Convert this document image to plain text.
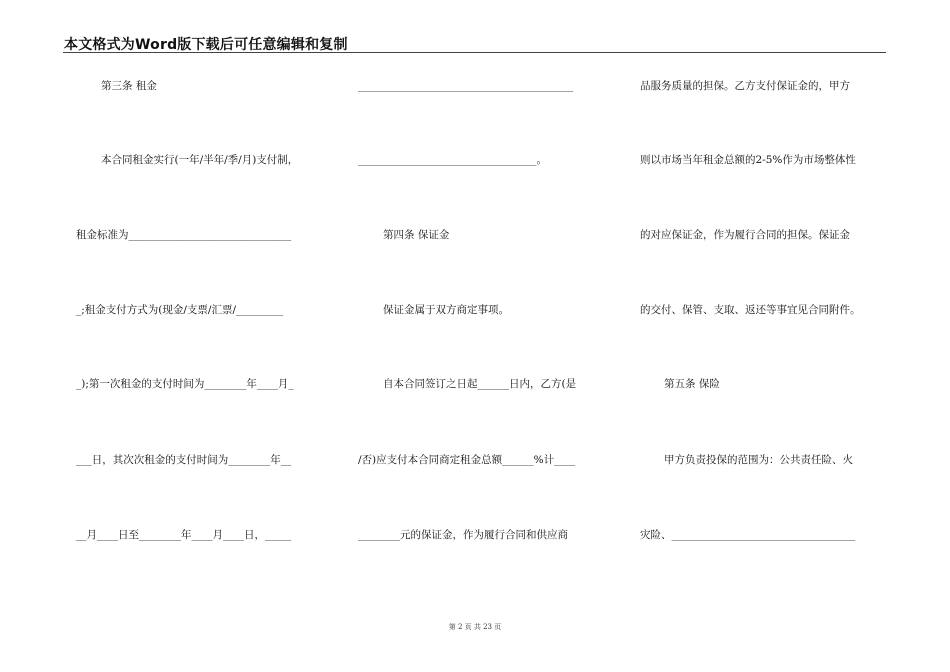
本文格式为Word版下载后可任意编辑和复制
第三条 租金
本合同租金实行(一年/半年/季/月)支付制，
租金标准为_______________________________
_;租金支付方式为(现金/支票/汇票/_________
_);第一次租金的支付时间为________年____月_
___日，其次次租金的支付时间为________年__
__月____日至________年____月____日，_____
_________________________________________
__________________________________。
第四条 保证金
保证金属于双方商定事项。
自本合同签订之日起______日内，乙方(是
/否)应支付本合同商定租金总额______%计____
________元的保证金，作为履行合同和供应商
品服务质量的担保。乙方支付保证金的，甲方
则以市场当年租金总额的2-5%作为市场整体性
的对应保证金，作为履行合同的担保。保证金
的交付、保管、支取、返还等事宜见合同附件。
第五条 保险
甲方负责投保的范围为：公共责任险、火
灾险、___________________________________
第 2 页 共 23 页
